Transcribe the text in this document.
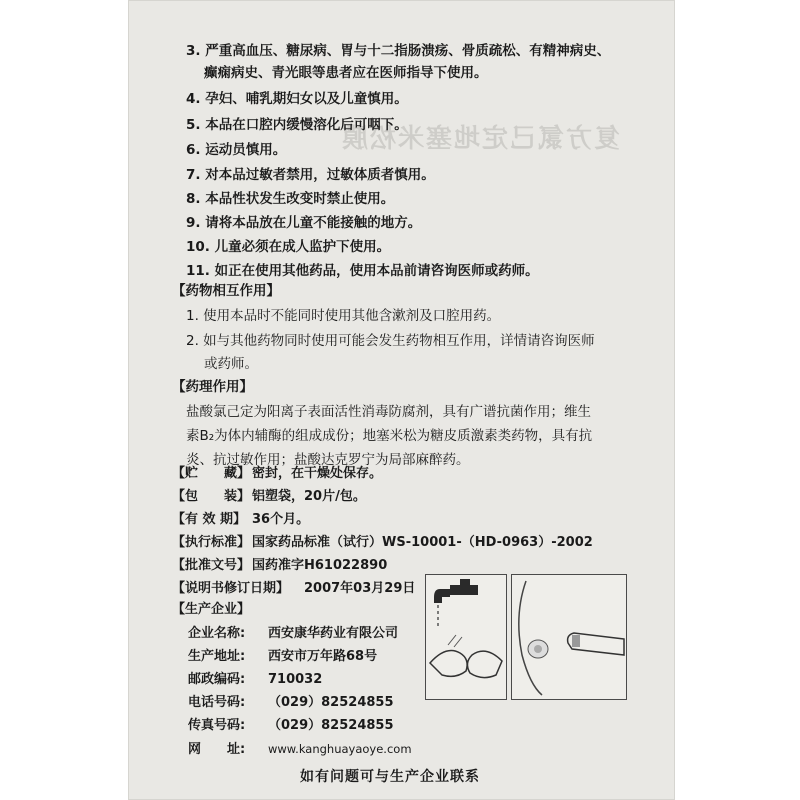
复方氯己定地塞米松膜
3. 严重高血压、糖尿病、胃与十二指肠溃疡、骨质疏松、有精神病史、
癫痫病史、青光眼等患者应在医师指导下使用。
4. 孕妇、哺乳期妇女以及儿童慎用。
5. 本品在口腔内缓慢溶化后可咽下。
6. 运动员慎用。
7. 对本品过敏者禁用，过敏体质者慎用。
8. 本品性状发生改变时禁止使用。
9. 请将本品放在儿童不能接触的地方。
10. 儿童必须在成人监护下使用。
11. 如正在使用其他药品，使用本品前请咨询医师或药师。
【药物相互作用】
1. 使用本品时不能同时使用其他含漱剂及口腔用药。
2. 如与其他药物同时使用可能会发生药物相互作用，详情请咨询医师
或药师。
【药理作用】
盐酸氯己定为阳离子表面活性消毒防腐剂，具有广谱抗菌作用；维生
素B₂为体内辅酶的组成成份；地塞米松为糖皮质激素类药物，具有抗
炎、抗过敏作用；盐酸达克罗宁为局部麻醉药。
【贮　　藏】 密封，在干燥处保存。
【包　　装】 铝塑袋，20片/包。
【有 效 期】 36个月。
【执行标准】 国家药品标准（试行）WS-10001-（HD-0963）-2002
【批准文号】 国药准字H61022890
【说明书修订日期】 2007年03月29日
【生产企业】
企业名称: 西安康华药业有限公司
生产地址: 西安市万年路68号
邮政编码: 710032
电话号码: （029）82524855
传真号码: （029）82524855
网　　址: www.kanghuayaoye.com
如有问题可与生产企业联系
